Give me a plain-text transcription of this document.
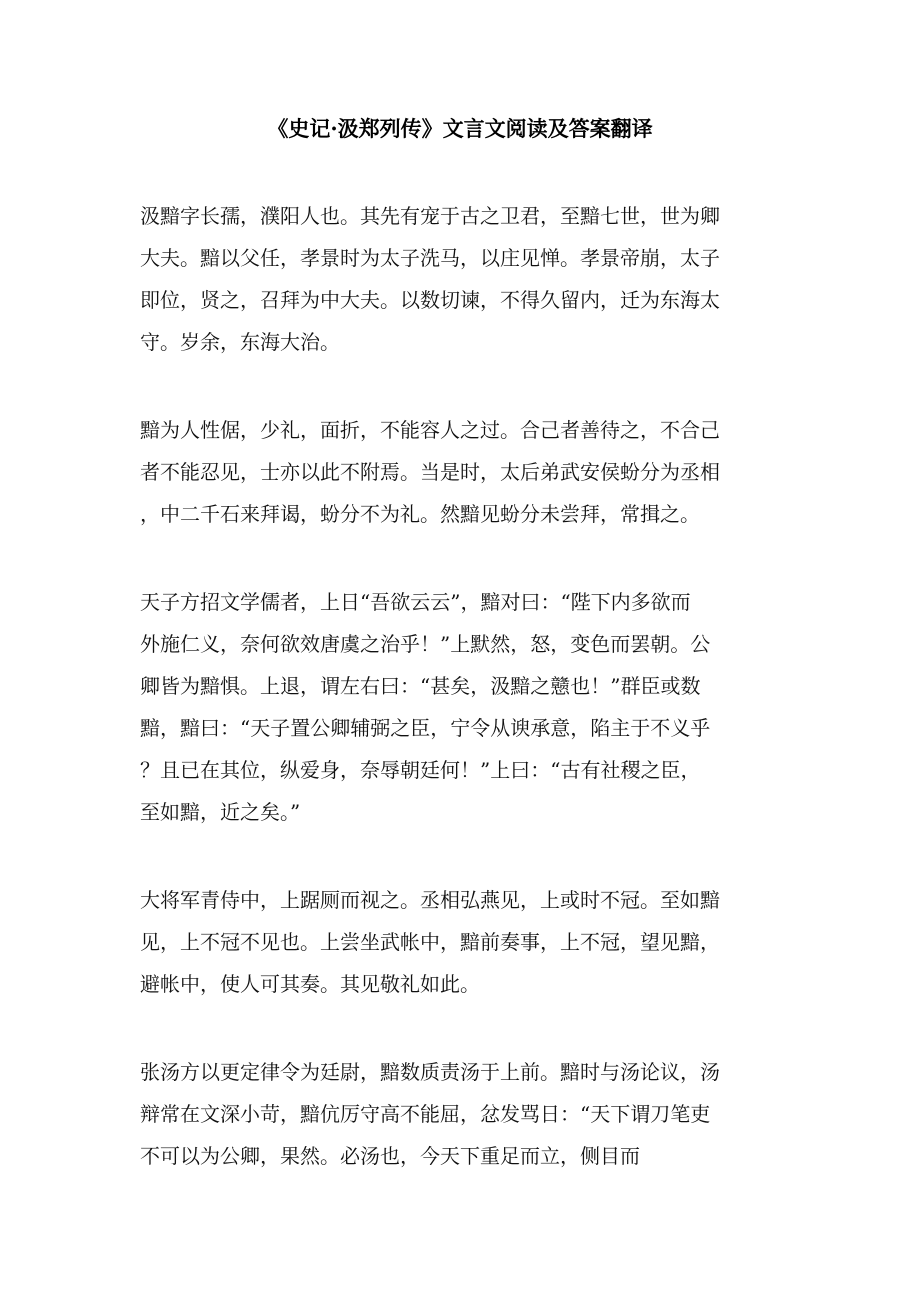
《史记·汲郑列传》文言文阅读及答案翻译

汲黯字长孺，濮阳人也。其先有宠于古之卫君，至黯七世，世为卿
大夫。黯以父任，孝景时为太子洗马，以庄见惮。孝景帝崩，太子
即位，贤之，召拜为中大夫。以数切谏，不得久留内，迁为东海太
守。岁余，东海大治。

黯为人性倨，少礼，面折，不能容人之过。合己者善待之，不合己
者不能忍见，士亦以此不附焉。当是时，太后弟武安侯蚡分为丞相
，中二千石来拜谒，蚡分不为礼。然黯见蚡分未尝拜，常揖之。

天子方招文学儒者，上日“吾欲云云”，黯对曰：“陛下内多欲而
外施仁义，奈何欲效唐虞之治乎！”上默然，怒，变色而罢朝。公
卿皆为黯惧。上退，谓左右曰：“甚矣，汲黯之戆也！”群臣或数
黯，黯曰：“天子置公卿辅弼之臣，宁令从谀承意，陷主于不义乎
？且已在其位，纵爱身，奈辱朝廷何！”上曰：“古有社稷之臣，
至如黯，近之矣。”

大将军青侍中，上踞厕而视之。丞相弘燕见，上或时不冠。至如黯
见，上不冠不见也。上尝坐武帐中，黯前奏事，上不冠，望见黯，
避帐中，使人可其奏。其见敬礼如此。

张汤方以更定律令为廷尉，黯数质责汤于上前。黯时与汤论议，汤
辩常在文深小苛，黯伉厉守高不能屈，忿发骂日：“天下谓刀笔吏
不可以为公卿，果然。必汤也，今天下重足而立，侧目而
